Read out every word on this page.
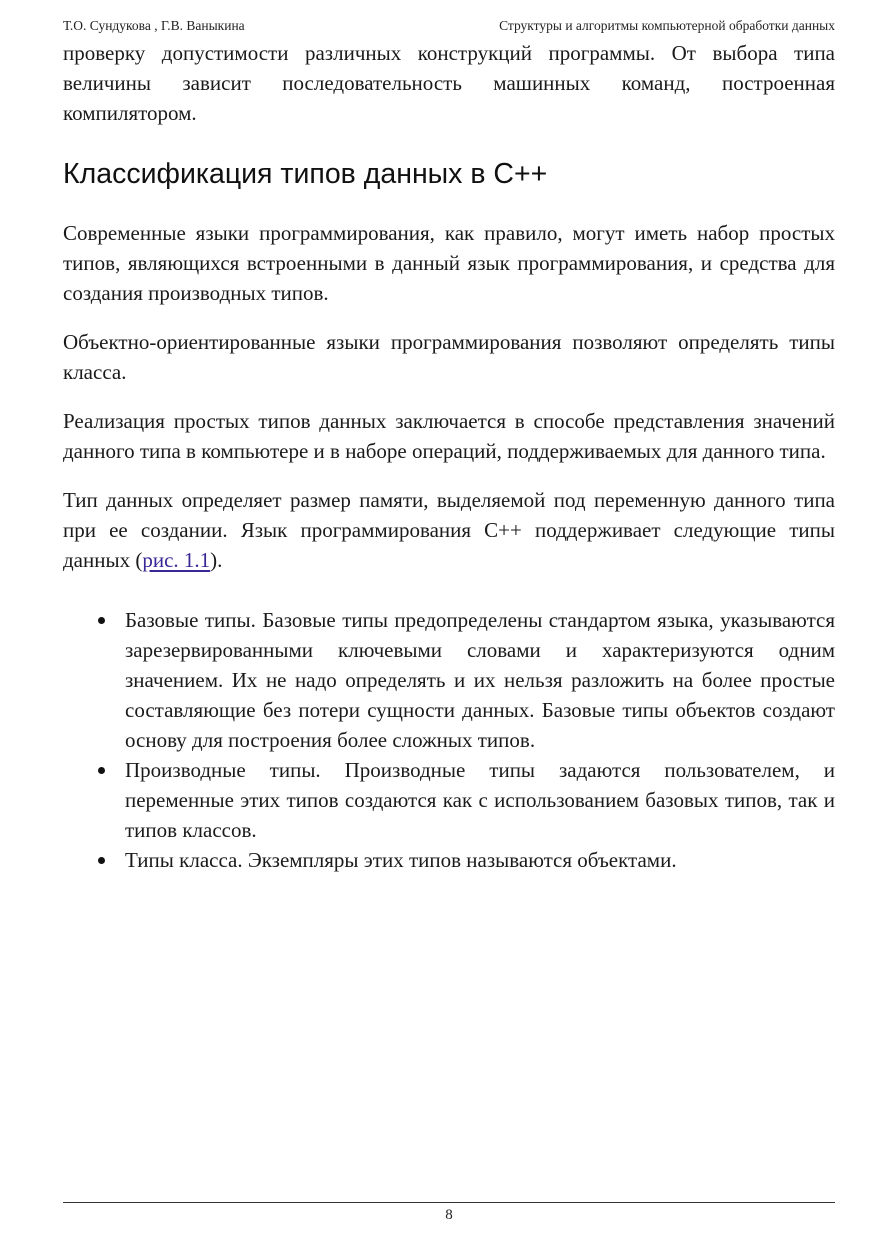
Т.О. Сундукова , Г.В. Ваныкина	Структуры и алгоритмы компьютерной обработки данных

проверку допустимости различных конструкций программы. От выбора типа величины зависит последовательность машинных команд, построенная компилятором.

Классификация типов данных в С++

Современные языки программирования, как правило, могут иметь набор простых типов, являющихся встроенными в данный язык программирования, и средства для создания производных типов.

Объектно-ориентированные языки программирования позволяют определять типы класса.

Реализация простых типов данных заключается в способе представления значений данного типа в компьютере и в наборе операций, поддерживаемых для данного типа.

Тип данных определяет размер памяти, выделяемой под переменную данного типа при ее создании. Язык программирования С++ поддерживает следующие типы данных (рис. 1.1).

Базовые типы. Базовые типы предопределены стандартом языка, указываются зарезервированными ключевыми словами и характеризуются одним значением. Их не надо определять и их нельзя разложить на более простые составляющие без потери сущности данных. Базовые типы объектов создают основу для построения более сложных типов.
Производные типы. Производные типы задаются пользователем, и переменные этих типов создаются как с использованием базовых типов, так и типов классов.
Типы класса. Экземпляры этих типов называются объектами.
8
